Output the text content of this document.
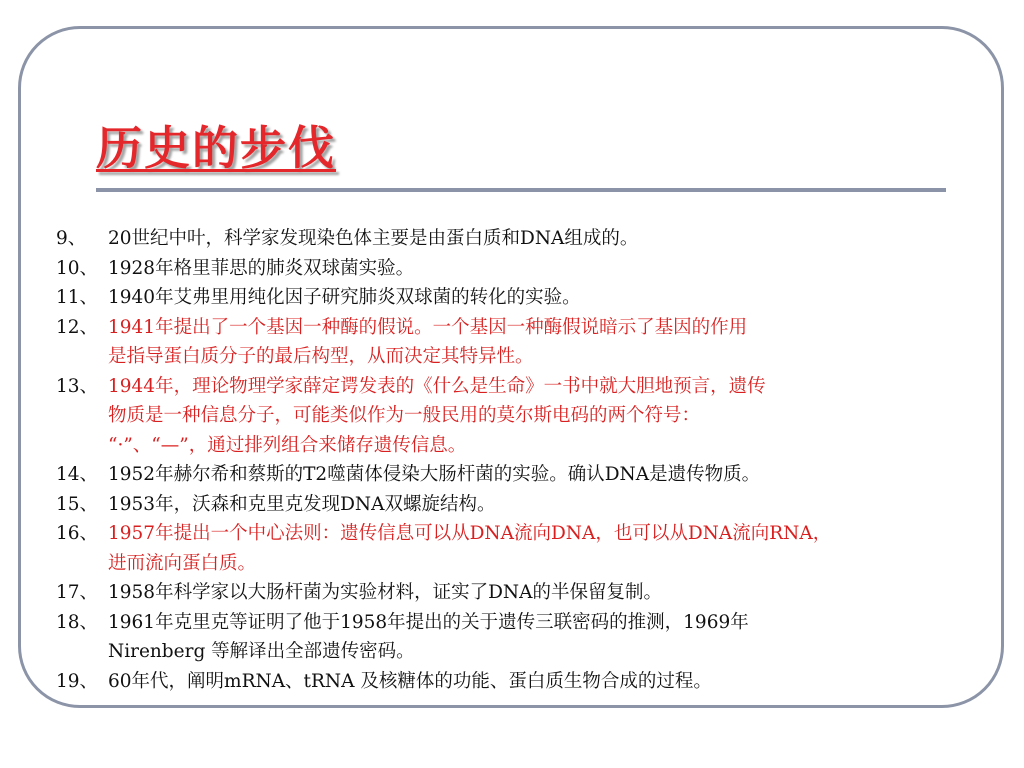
历史的步伐
9、	20世纪中叶，科学家发现染色体主要是由蛋白质和DNA组成的。
10、 1928年格里菲思的肺炎双球菌实验。
11、 1940年艾弗里用纯化因子研究肺炎双球菌的转化的实验。
12、 1941年提出了一个基因一种酶的假说。一个基因一种酶假说暗示了基因的作用
是指导蛋白质分子的最后构型，从而决定其特异性。
13、 1944年，理论物理学家薛定谔发表的《什么是生命》一书中就大胆地预言，遗传
物质是一种信息分子，可能类似作为一般民用的莫尔斯电码的两个符号：
“·”、“—”，通过排列组合来储存遗传信息。
14、 1952年赫尔希和蔡斯的T2噬菌体侵染大肠杆菌的实验。确认DNA是遗传物质。
15、 1953年，沃森和克里克发现DNA双螺旋结构。
16、 1957年提出一个中心法则：遗传信息可以从DNA流向DNA，也可以从DNA流向RNA，
进而流向蛋白质。
17、 1958年科学家以大肠杆菌为实验材料，证实了DNA的半保留复制。
18、 1961年克里克等证明了他于1958年提出的关于遗传三联密码的推测，1969年
Nirenberg 等解译出全部遗传密码。
19、 60年代，阐明mRNA、tRNA 及核糖体的功能、蛋白质生物合成的过程。
